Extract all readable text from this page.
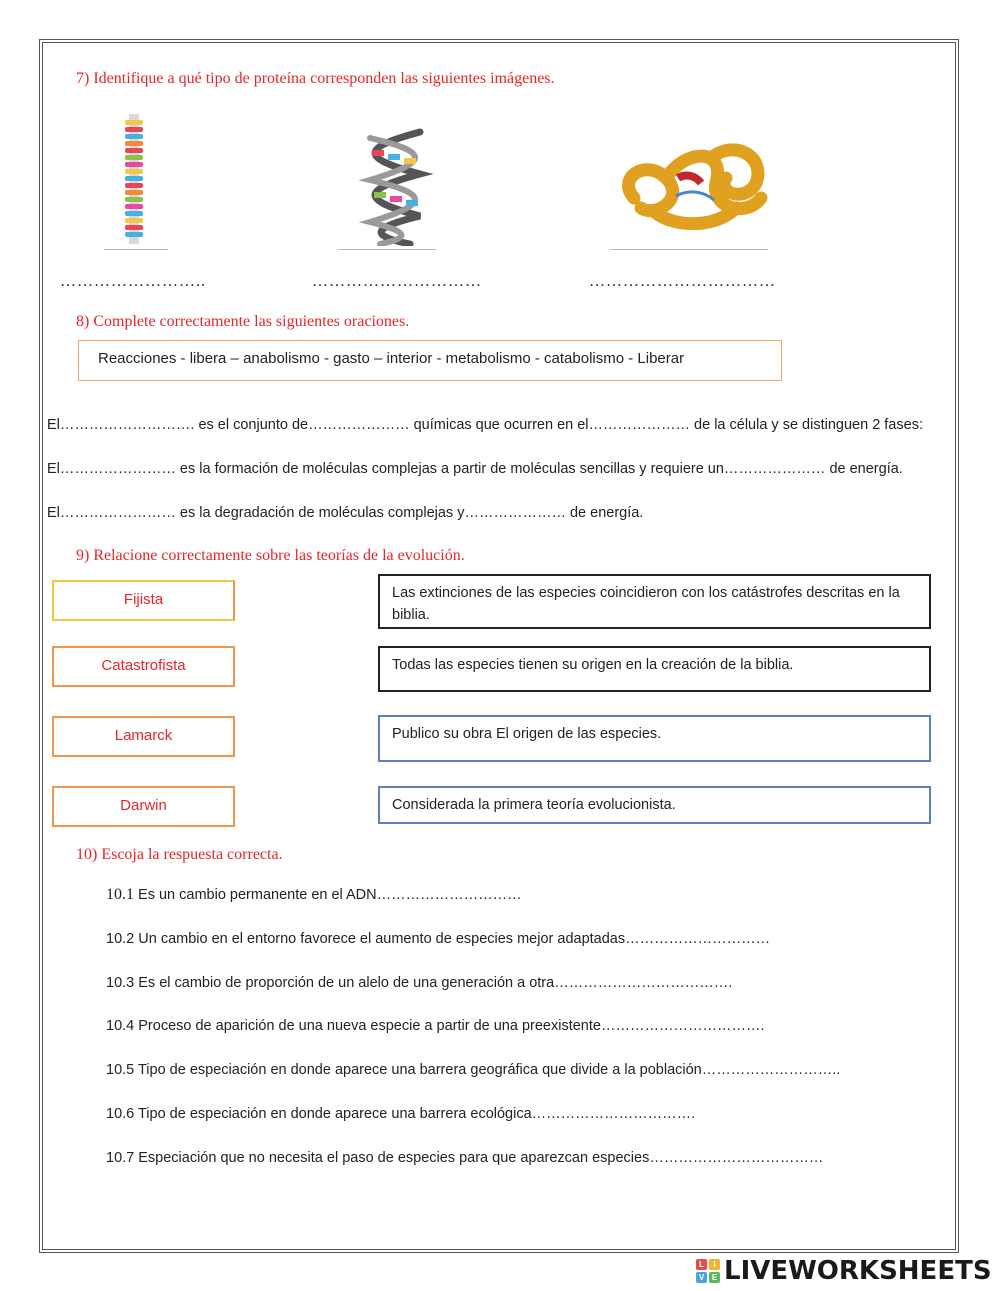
7) Identifique a qué tipo de proteína corresponden las siguientes imágenes.
……………………..	…………………………	……………………………
8) Complete correctamente las siguientes oraciones.
Reacciones - libera – anabolismo - gasto – interior - metabolismo - catabolismo - Liberar
El………………………. es el conjunto de………………… químicas que ocurren en el………………… de la célula y se distinguen 2 fases:
El…………………… es la formación de moléculas complejas a partir de moléculas sencillas y requiere un………………… de energía.
El…………………… es la degradación de moléculas complejas y………………… de energía.
9) Relacione correctamente sobre las teorías de la evolución.
Fijista
Catastrofista
Lamarck
Darwin
Las extinciones de las especies coincidieron con los catástrofes descritas en la biblia.
Todas las especies tienen su origen en la creación de la biblia.
Publico su obra El origen de las especies.
Considerada la primera teoría evolucionista.
10) Escoja la respuesta correcta.
10.1 Es un cambio permanente en el ADN…………………………
10.2 Un cambio en el entorno favorece el aumento de especies mejor adaptadas…………………………
10.3 Es el cambio de proporción de un alelo de una generación a otra……………………………….
10.4 Proceso de aparición de una nueva especie a partir de una preexistente…………………………….
10.5 Tipo de especiación en donde aparece una barrera geográfica que divide a la población………………………..
10.6 Tipo de especiación en donde aparece una barrera ecológica…………………………….
10.7 Especiación que no necesita el paso de especies para que aparezcan especies………………………………
L	I
V E LIVEWORKSHEETS
